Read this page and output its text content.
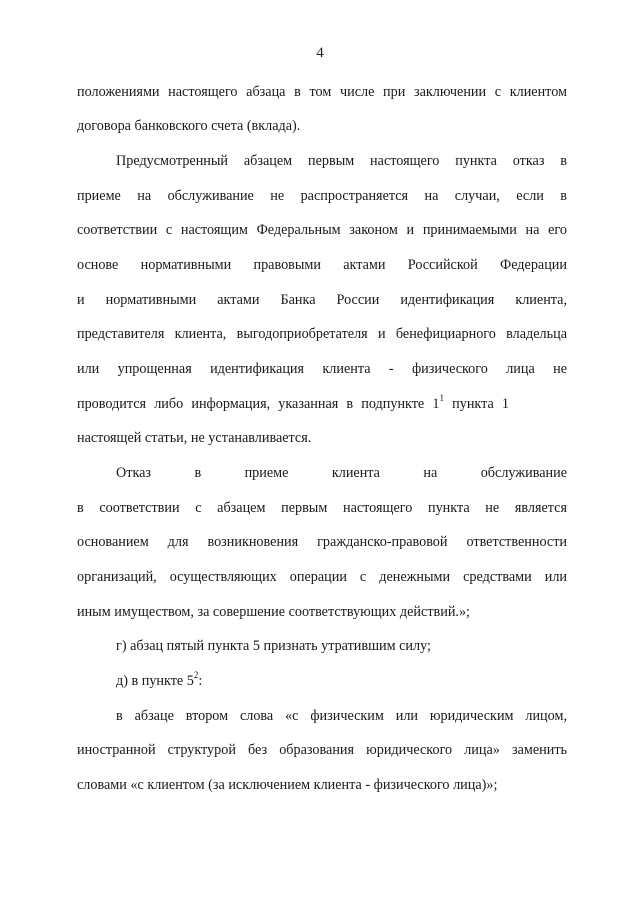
4
положениями настоящего абзаца в том числе при заключении с клиентом
договора банковского счета (вклада).
Предусмотренный абзацем первым настоящего пункта отказ в
приеме на обслуживание не распространяется на случаи, если в
соответствии с настоящим Федеральным законом и принимаемыми на его
основе нормативными правовыми актами Российской Федерации
и нормативными актами Банка России идентификация клиента,
представителя клиента, выгодоприобретателя и бенефициарного владельца
или упрощенная идентификация клиента - физического лица не
проводится либо информация, указанная в подпункте $1^1$ пункта 1
настоящей статьи, не устанавливается.
Отказ в приеме клиента на обслуживание
в соответствии с абзацем первым настоящего пункта не является
основанием для возникновения гражданско-правовой ответственности
организаций, осуществляющих операции с денежными средствами или
иным имуществом, за совершение соответствующих действий.»;
г) абзац пятый пункта 5 признать утратившим силу;
д) в пункте $5^2$:
в абзаце втором слова «с физическим или юридическим лицом,
иностранной структурой без образования юридического лица» заменить
словами «с клиентом (за исключением клиента - физического лица)»;
